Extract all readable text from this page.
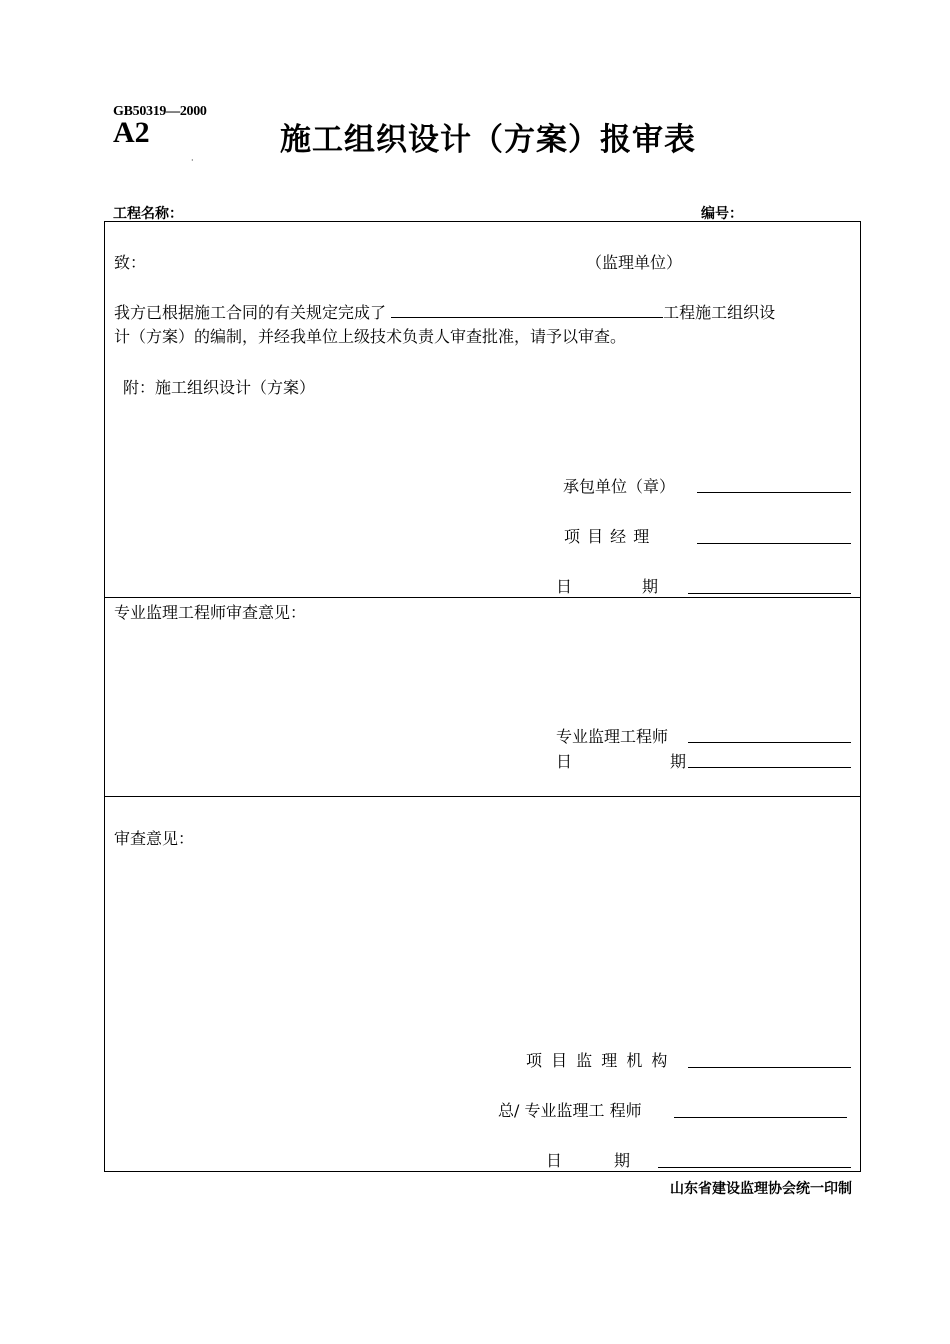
GB50319—2000
A2	施工组织设计（方案）报审表
·
工程名称：	编号：
致：	（监理单位）
我方已根据施工合同的有关规定完成了	工程施工组织设
计（方案）的编制，并经我单位上级技术负责人审查批准，请予以审查。
附：施工组织设计（方案）
承包单位（章）
项 目 经 理
日	期
专业监理工程师审查意见：
专业监理工程师
日	期
审查意见：
项 目 监 理 机 构
总/ 专业监理工 程师
日	期
山东省建设监理协会统一印制
